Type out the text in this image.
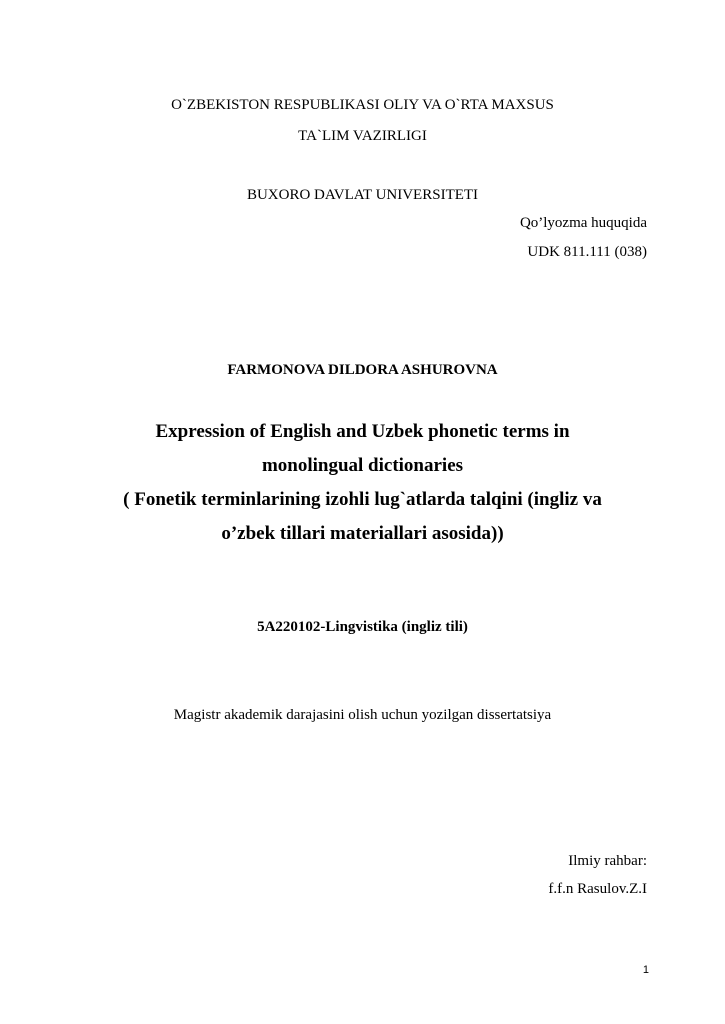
O`ZBEKISTON RESPUBLIKASI OLIY VA O`RTA MAXSUS
TA`LIM VAZIRLIGI
BUXORO DAVLAT UNIVERSITETI
Qo’lyozma huquqida
UDK 811.111 (038)
FARMONOVA DILDORA ASHUROVNA
Expression of English and Uzbek phonetic terms in
monolingual dictionaries
( Fonetik terminlarining izohli lug`atlarda talqini (ingliz va
o’zbek tillari materiallari asosida))
5A220102-Lingvistika (ingliz tili)
Magistr akademik darajasini olish uchun yozilgan dissertatsiya
Ilmiy rahbar:
f.f.n Rasulov.Z.I
1
